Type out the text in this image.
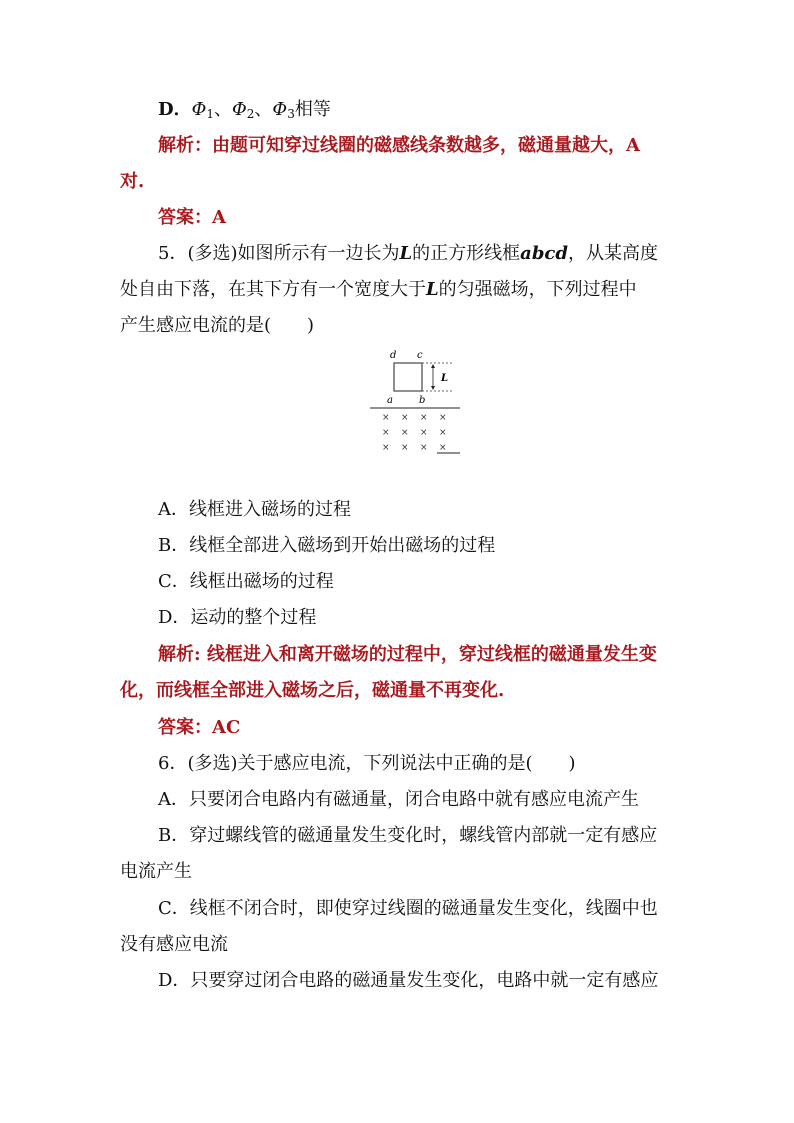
D．$\Phi_1$、$\Phi_2$、$\Phi_3$相等
解析：由题可知穿过线圈的磁感线条数越多，磁通量越大，A
对.
答案：A
5．(多选)如图所示有一边长为L的正方形线框abcd，从某高度
处自由下落，在其下方有一个宽度大于L的匀强磁场，下列过程中
产生感应电流的是(　　)
d c
L
a	b
× × × ×
× × × ×
× × × ×
A．线框进入磁场的过程
B．线框全部进入磁场到开始出磁场的过程
C．线框出磁场的过程
D．运动的整个过程
解析: 线框进入和离开磁场的过程中，穿过线框的磁通量发生变
化，而线框全部进入磁场之后，磁通量不再变化.
答案：AC
6．(多选)关于感应电流，下列说法中正确的是(　　)
A．只要闭合电路内有磁通量，闭合电路中就有感应电流产生
B．穿过螺线管的磁通量发生变化时，螺线管内部就一定有感应
电流产生
C．线框不闭合时，即使穿过线圈的磁通量发生变化，线圈中也
没有感应电流
D．只要穿过闭合电路的磁通量发生变化，电路中就一定有感应
